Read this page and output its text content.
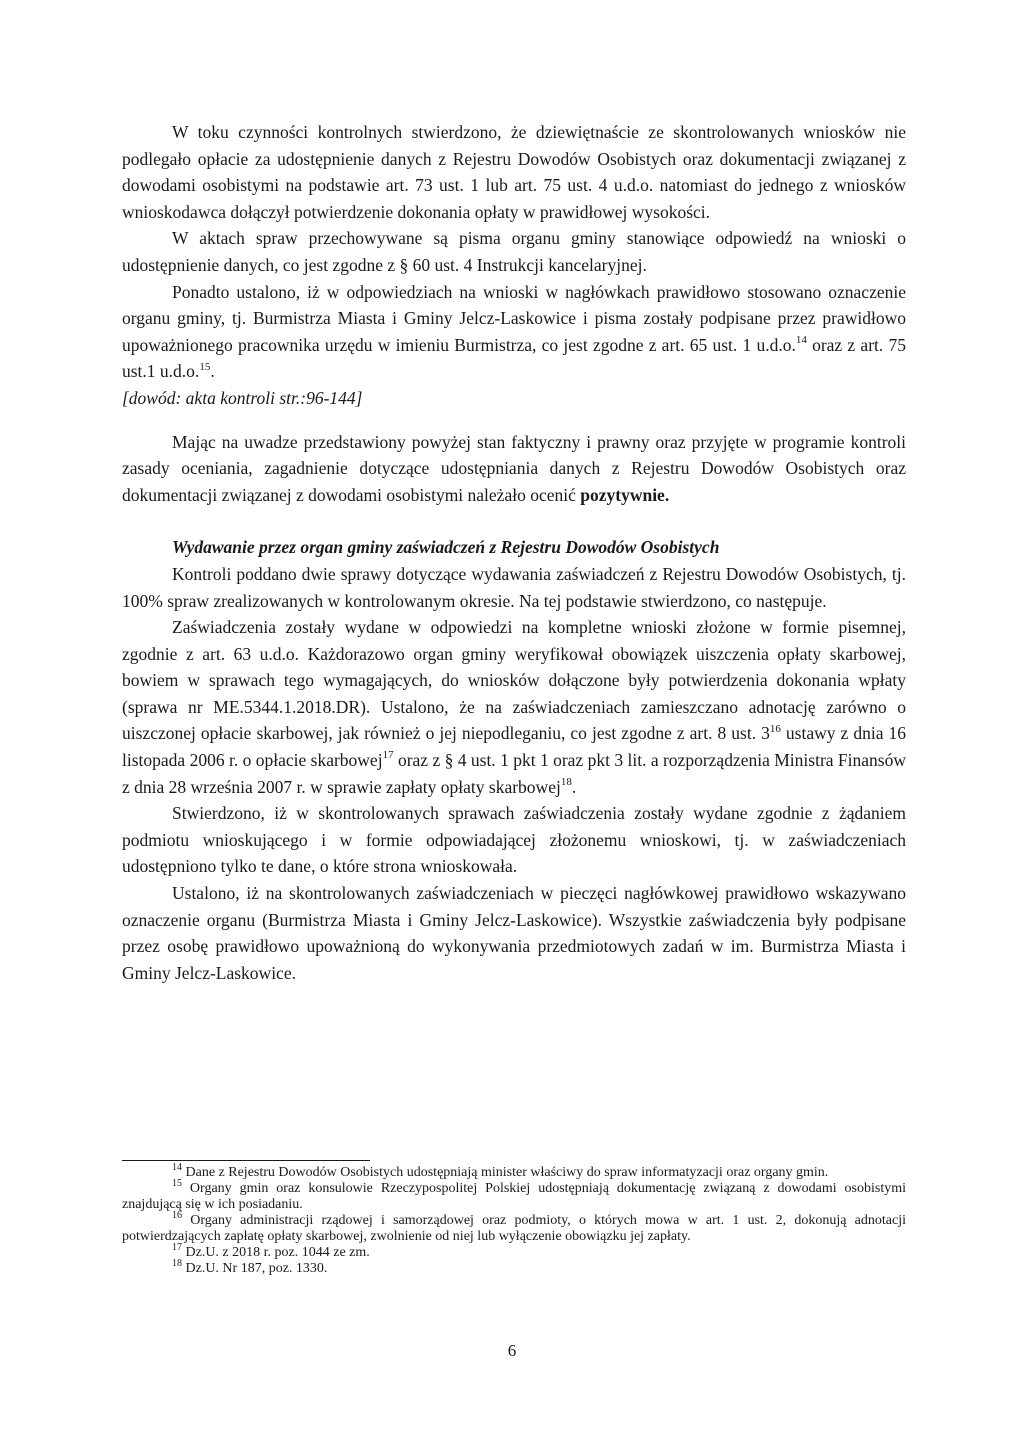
W toku czynności kontrolnych stwierdzono, że dziewiętnaście ze skontrolowanych wniosków nie podlegało opłacie za udostępnienie danych z Rejestru Dowodów Osobistych oraz dokumentacji związanej z dowodami osobistymi na podstawie art. 73 ust. 1 lub art. 75 ust. 4 u.d.o. natomiast do jednego z wniosków wnioskodawca dołączył potwierdzenie dokonania opłaty w prawidłowej wysokości.

W aktach spraw przechowywane są pisma organu gminy stanowiące odpowiedź na wnioski o udostępnienie danych, co jest zgodne z § 60 ust. 4 Instrukcji kancelaryjnej.

Ponadto ustalono, iż w odpowiedziach na wnioski w nagłówkach prawidłowo stosowano oznaczenie organu gminy, tj. Burmistrza Miasta i Gminy Jelcz-Laskowice i pisma zostały podpisane przez prawidłowo upoważnionego pracownika urzędu w imieniu Burmistrza, co jest zgodne z art. 65 ust. 1 u.d.o.$^{14}$ oraz z art. 75 ust.1 u.d.o.$^{15}$.

[dowód: akta kontroli str.:96-144]

Mając na uwadze przedstawiony powyżej stan faktyczny i prawny oraz przyjęte w programie kontroli zasady oceniania, zagadnienie dotyczące udostępniania danych z Rejestru Dowodów Osobistych oraz dokumentacji związanej z dowodami osobistymi należało ocenić pozytywnie.

Wydawanie przez organ gminy zaświadczeń z Rejestru Dowodów Osobistych

Kontroli poddano dwie sprawy dotyczące wydawania zaświadczeń z Rejestru Dowodów Osobistych, tj. 100% spraw zrealizowanych w kontrolowanym okresie. Na tej podstawie stwierdzono, co następuje.

Zaświadczenia zostały wydane w odpowiedzi na kompletne wnioski złożone w formie pisemnej, zgodnie z art. 63 u.d.o. Każdorazowo organ gminy weryfikował obowiązek uiszczenia opłaty skarbowej, bowiem w sprawach tego wymagających, do wniosków dołączone były potwierdzenia dokonania wpłaty (sprawa nr ME.5344.1.2018.DR). Ustalono, że na zaświadczeniach zamieszczano adnotację zarówno o uiszczonej opłacie skarbowej, jak również o jej niepodleganiu, co jest zgodne z art. 8 ust. $3^{16}$ ustawy z dnia 16 listopada 2006 r. o opłacie skarbowej$^{17}$ oraz z § 4 ust. 1 pkt 1 oraz pkt 3 lit. a rozporządzenia Ministra Finansów z dnia 28 września 2007 r. w sprawie zapłaty opłaty skarbowej$^{18}$.

Stwierdzono, iż w skontrolowanych sprawach zaświadczenia zostały wydane zgodnie z żądaniem podmiotu wnioskującego i w formie odpowiadającej złożonemu wnioskowi, tj. w zaświadczeniach udostępniono tylko te dane, o które strona wnioskowała.

Ustalono, iż na skontrolowanych zaświadczeniach w pieczęci nagłówkowej prawidłowo wskazywano oznaczenie organu (Burmistrza Miasta i Gminy Jelcz-Laskowice). Wszystkie zaświadczenia były podpisane przez osobę prawidłowo upoważnioną do wykonywania przedmiotowych zadań w im. Burmistrza Miasta i Gminy Jelcz-Laskowice.

$^{14}$ Dane z Rejestru Dowodów Osobistych udostępniają minister właściwy do spraw informatyzacji oraz organy gmin.

$^{15}$ Organy gmin oraz konsulowie Rzeczypospolitej Polskiej udostępniają dokumentację związaną z dowodami osobistymi znajdującą się w ich posiadaniu.

$^{16}$ Organy administracji rządowej i samorządowej oraz podmioty, o których mowa w art. 1 ust. 2, dokonują adnotacji potwierdzających zapłatę opłaty skarbowej, zwolnienie od niej lub wyłączenie obowiązku jej zapłaty.

$^{17}$ Dz.U. z 2018 r. poz. 1044 ze zm.

$^{18}$ Dz.U. Nr 187, poz. 1330.

6
